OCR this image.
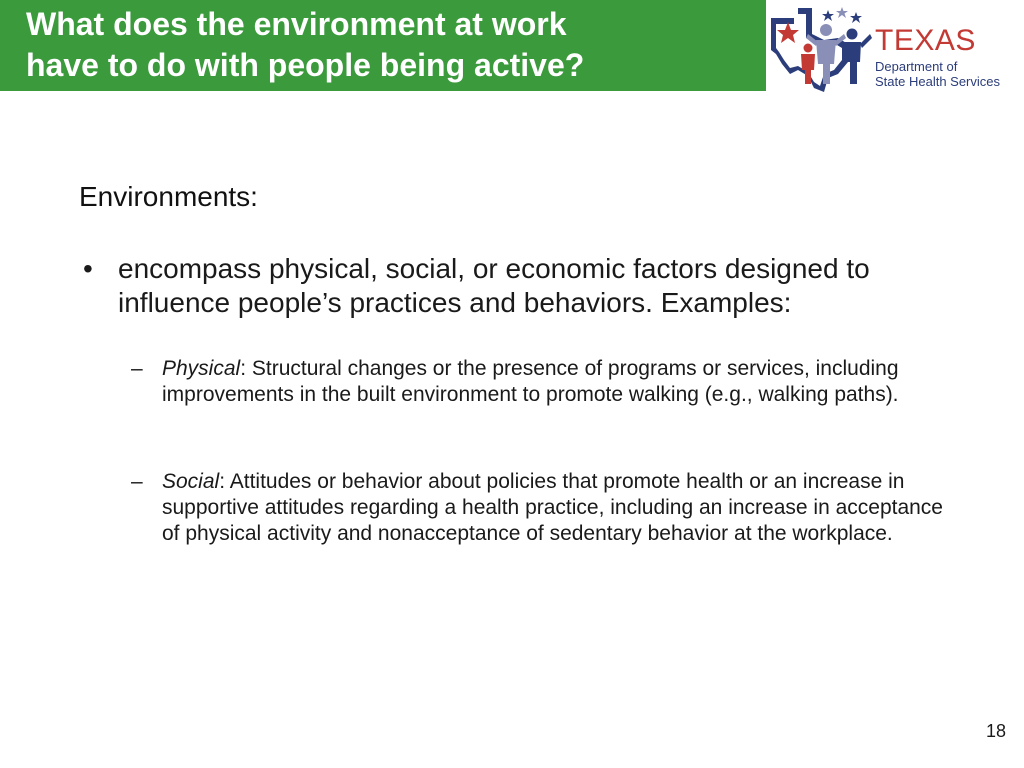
What does the environment at work
have to do with people being active?
TEXAS
Department of
State Health Services
Environments:
• encompass physical, social, or economic factors designed to influence people’s practices and behaviors. Examples:
– Physical: Structural changes or the presence of programs or services, including improvements in the built environment to promote walking (e.g., walking paths).
– Social: Attitudes or behavior about policies that promote health or an increase in supportive attitudes regarding a health practice, including an increase in acceptance of physical activity and nonacceptance of sedentary behavior at the workplace.
18
